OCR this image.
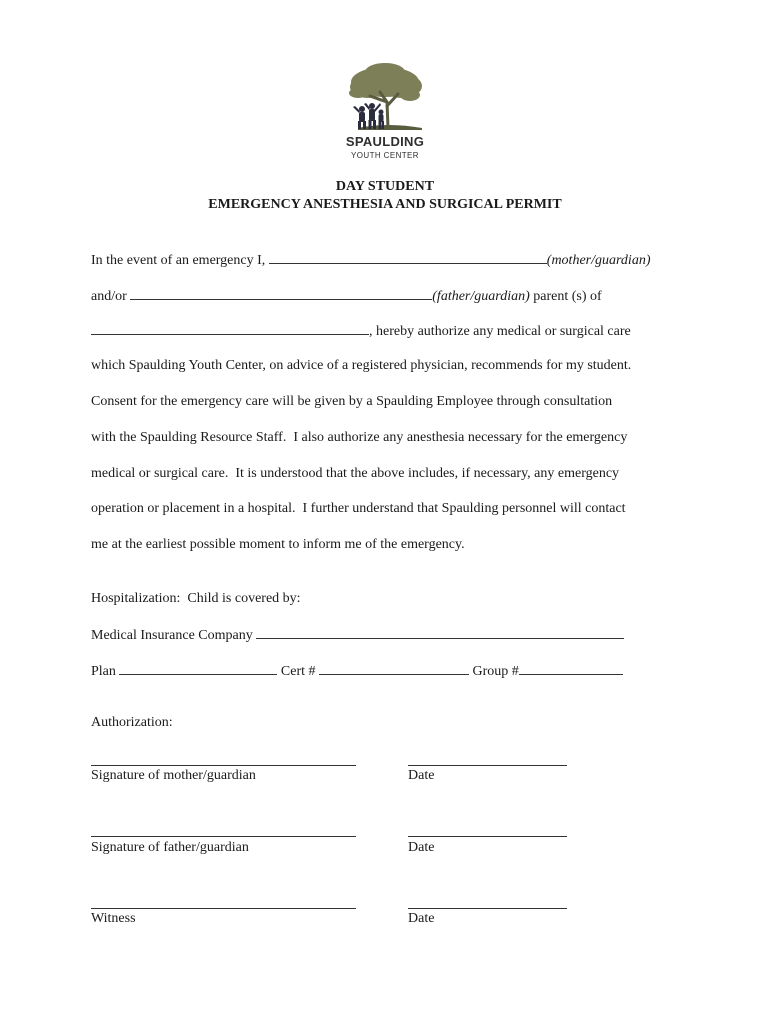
SPAULDING
YOUTH CENTER
DAY STUDENT
EMERGENCY ANESTHESIA AND SURGICAL PERMIT
In the event of an emergency I,	(mother/guardian)
and/or	(father/guardian) parent (s) of
, hereby authorize any medical or surgical care
which Spaulding Youth Center, on advice of a registered physician, recommends for my student.
Consent for the emergency care will be given by a Spaulding Employee through consultation
with the Spaulding Resource Staff.  I also authorize any anesthesia necessary for the emergency
medical or surgical care.  It is understood that the above includes, if necessary, any emergency
operation or placement in a hospital.  I further understand that Spaulding personnel will contact
me at the earliest possible moment to inform me of the emergency.
Hospitalization:  Child is covered by:
Medical Insurance Company
Plan	Cert #	Group #
Authorization:
Signature of mother/guardian	Date
Signature of father/guardian	Date
Witness	Date
